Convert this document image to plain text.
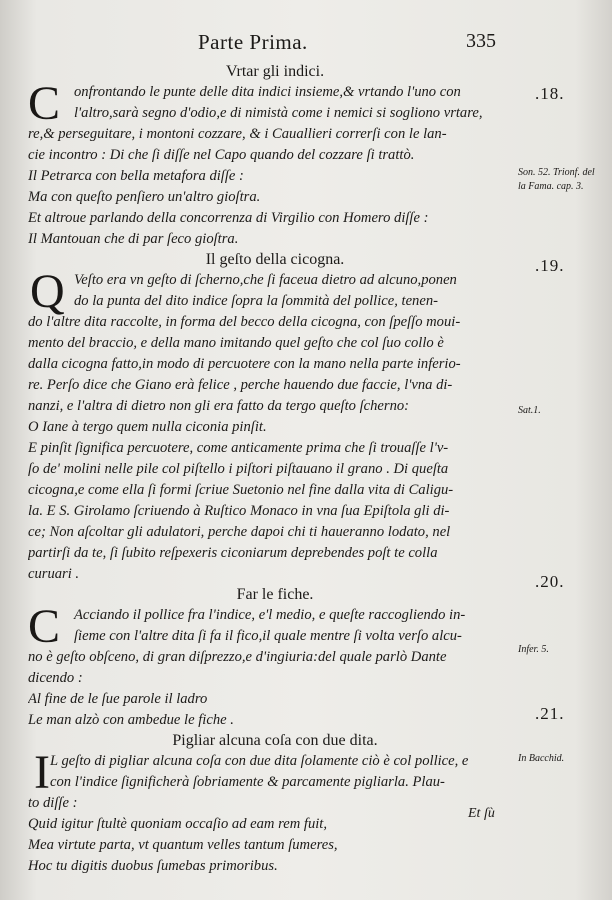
Parte Prima.	335
Vrtar gli indici.
C onfrontando le punte delle dita indici insieme,& vrtando l'uno con
l'altro,sarà segno d'odio,e di nimistà come i nemici si sogliono vrtare,
re,& perseguitare, i montoni cozzare, & i Cauallieri correrſi con le lan-
cie incontro : Di che ſi diſſe nel Capo quando del cozzare ſi trattò.
Il Petrarca con bella metafora diſſe :
Ma con queſto penſiero un'altro gioſtra.
Et altroue parlando della concorrenza di Virgilio con Homero diſſe :
Il Mantouan che di par ſeco gioſtra.
Il geſto della cicogna.
Q Veſto era vn geſto di ſcherno,che ſi faceua dietro ad alcuno,ponen
do la punta del dito indice ſopra la ſommità del pollice, tenen-
do l'altre dita raccolte, in forma del becco della cicogna, con ſpeſſo moui-
mento del braccio, e della mano imitando quel geſto che col ſuo collo è
dalla cicogna fatto,in modo di percuotere con la mano nella parte inferio-
re. Perſo dice che Giano erà felice , perche hauendo due faccie, l'vna di-
nanzi, e l'altra di dietro non gli era fatto da tergo queſto ſcherno:
O Iane à tergo quem nulla ciconia pinſit.
E pinſit ſignifica percuotere, come anticamente prima che ſi trouaſſe l'v-
ſo de' molini nelle pile col piſtello i piſtori piſtauano il grano . Di queſta
cicogna,e come ella ſi formi ſcriue Suetonio nel fine dalla vita di Caligu-
la. E S. Girolamo ſcriuendo à Ruſtico Monaco in vna ſua Epiſtola gli di-
ce; Non aſcoltar gli adulatori, perche dapoi chi ti haueranno lodato, nel
partirſi da te, ſi ſubito reſpexeris ciconiarum deprebendes poſt te colla
curuari .
Far le fiche.
C Acciando il pollice fra l'indice, e'l medio, e queſte raccogliendo in-
ſieme con l'altre dita ſi fa il fico,il quale mentre ſi volta verſo alcu-
no è geſto obſceno, di gran diſprezzo,e d'ingiuria:del quale parlò Dante
dicendo :
Al fine de le ſue parole il ladro
Le man alzò con ambedue le fiche .
Pigliar alcuna coſa con due dita.
I L geſto di pigliar alcuna coſa con due dita ſolamente ciò è col pollice, e
con l'indice ſignificherà ſobriamente & parcamente pigliarla. Plau-
to diſſe :
Quid igitur ſtultè quoniam occaſio ad eam rem fuit,
Mea virtute parta, vt quantum velles tantum ſumeres,
Hoc tu digitis duobus ſumebas primoribus.
.18.
Son. 52. Trionf. del la Fama. cap. 3.
.19.
Sat.1.
.20.
Infer. 5.
.21.
In Bacchid.
Et ſù
